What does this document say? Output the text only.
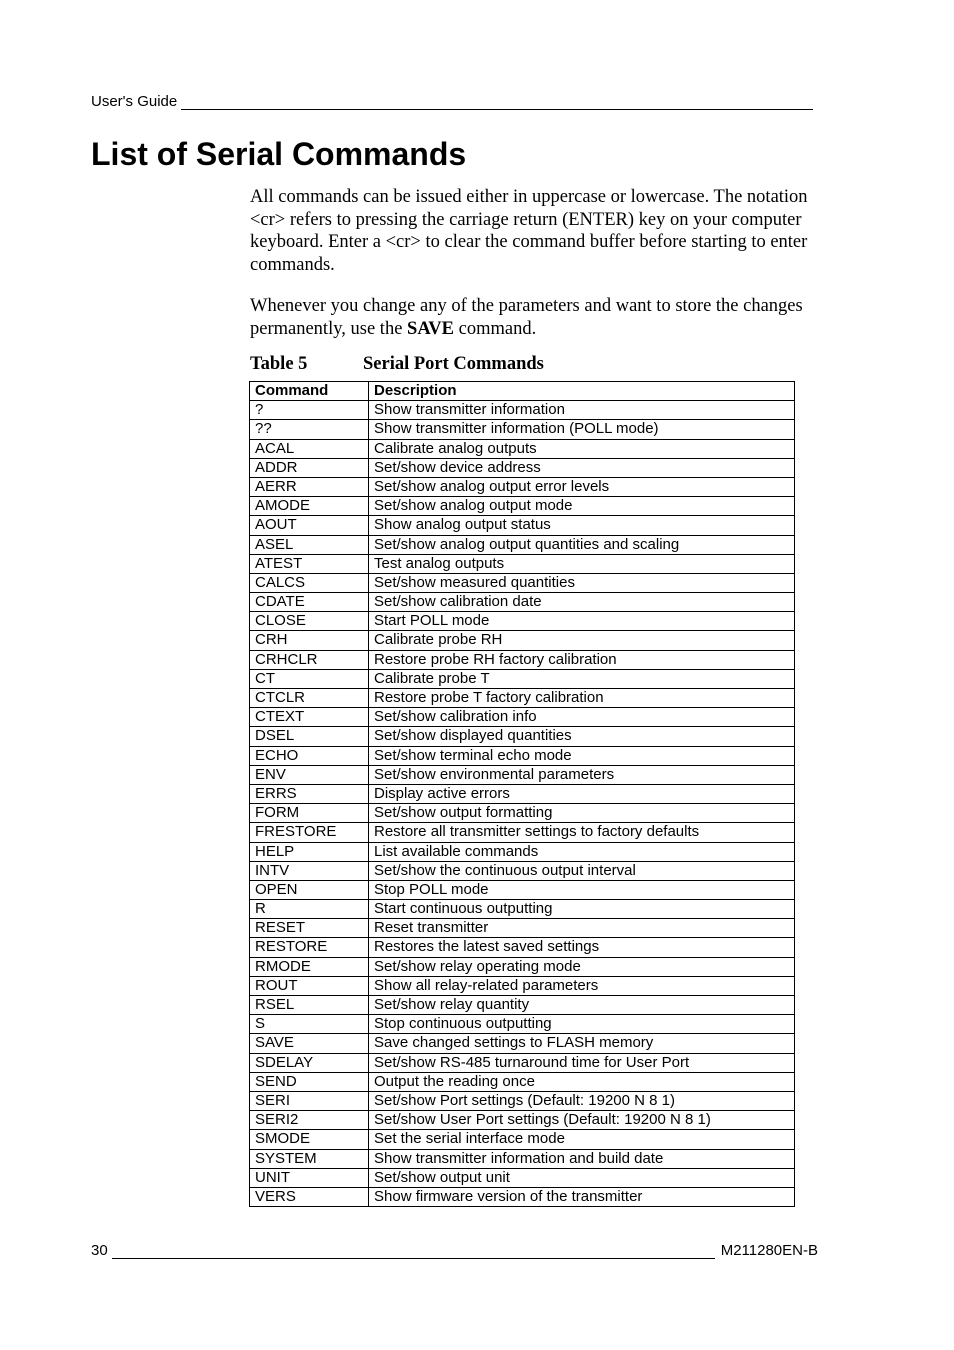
User's Guide
List of Serial Commands

All commands can be issued either in uppercase or lowercase. The notation <cr> refers to pressing the carriage return (ENTER) key on your computer keyboard. Enter a <cr> to clear the command buffer before starting to enter commands.

Whenever you change any of the parameters and want to store the changes permanently, use the SAVE command.

Table 5	Serial Port Commands
Command	Description
?	Show transmitter information
??	Show transmitter information (POLL mode)
ACAL	Calibrate analog outputs
ADDR	Set/show device address
AERR	Set/show analog output error levels
AMODE	Set/show analog output mode
AOUT	Show analog output status
ASEL	Set/show analog output quantities and scaling
ATEST	Test analog outputs
CALCS	Set/show measured quantities
CDATE	Set/show calibration date
CLOSE	Start POLL mode
CRH	Calibrate probe RH
CRHCLR	Restore probe RH factory calibration
CT	Calibrate probe T
CTCLR	Restore probe T factory calibration
CTEXT	Set/show calibration info
DSEL	Set/show displayed quantities
ECHO	Set/show terminal echo mode
ENV	Set/show environmental parameters
ERRS	Display active errors
FORM	Set/show output formatting
FRESTORE	Restore all transmitter settings to factory defaults
HELP	List available commands
INTV	Set/show the continuous output interval
OPEN	Stop POLL mode
R	Start continuous outputting
RESET	Reset transmitter
RESTORE	Restores the latest saved settings
RMODE	Set/show relay operating mode
ROUT	Show all relay-related parameters
RSEL	Set/show relay quantity
S	Stop continuous outputting
SAVE	Save changed settings to FLASH memory
SDELAY	Set/show RS-485 turnaround time for User Port
SEND	Output the reading once
SERI	Set/show Port settings (Default: 19200 N 8 1)
SERI2	Set/show User Port settings (Default: 19200 N 8 1)
SMODE	Set the serial interface mode
SYSTEM	Show transmitter information and build date
UNIT	Set/show output unit
VERS	Show firmware version of the transmitter
30	M211280EN-B
